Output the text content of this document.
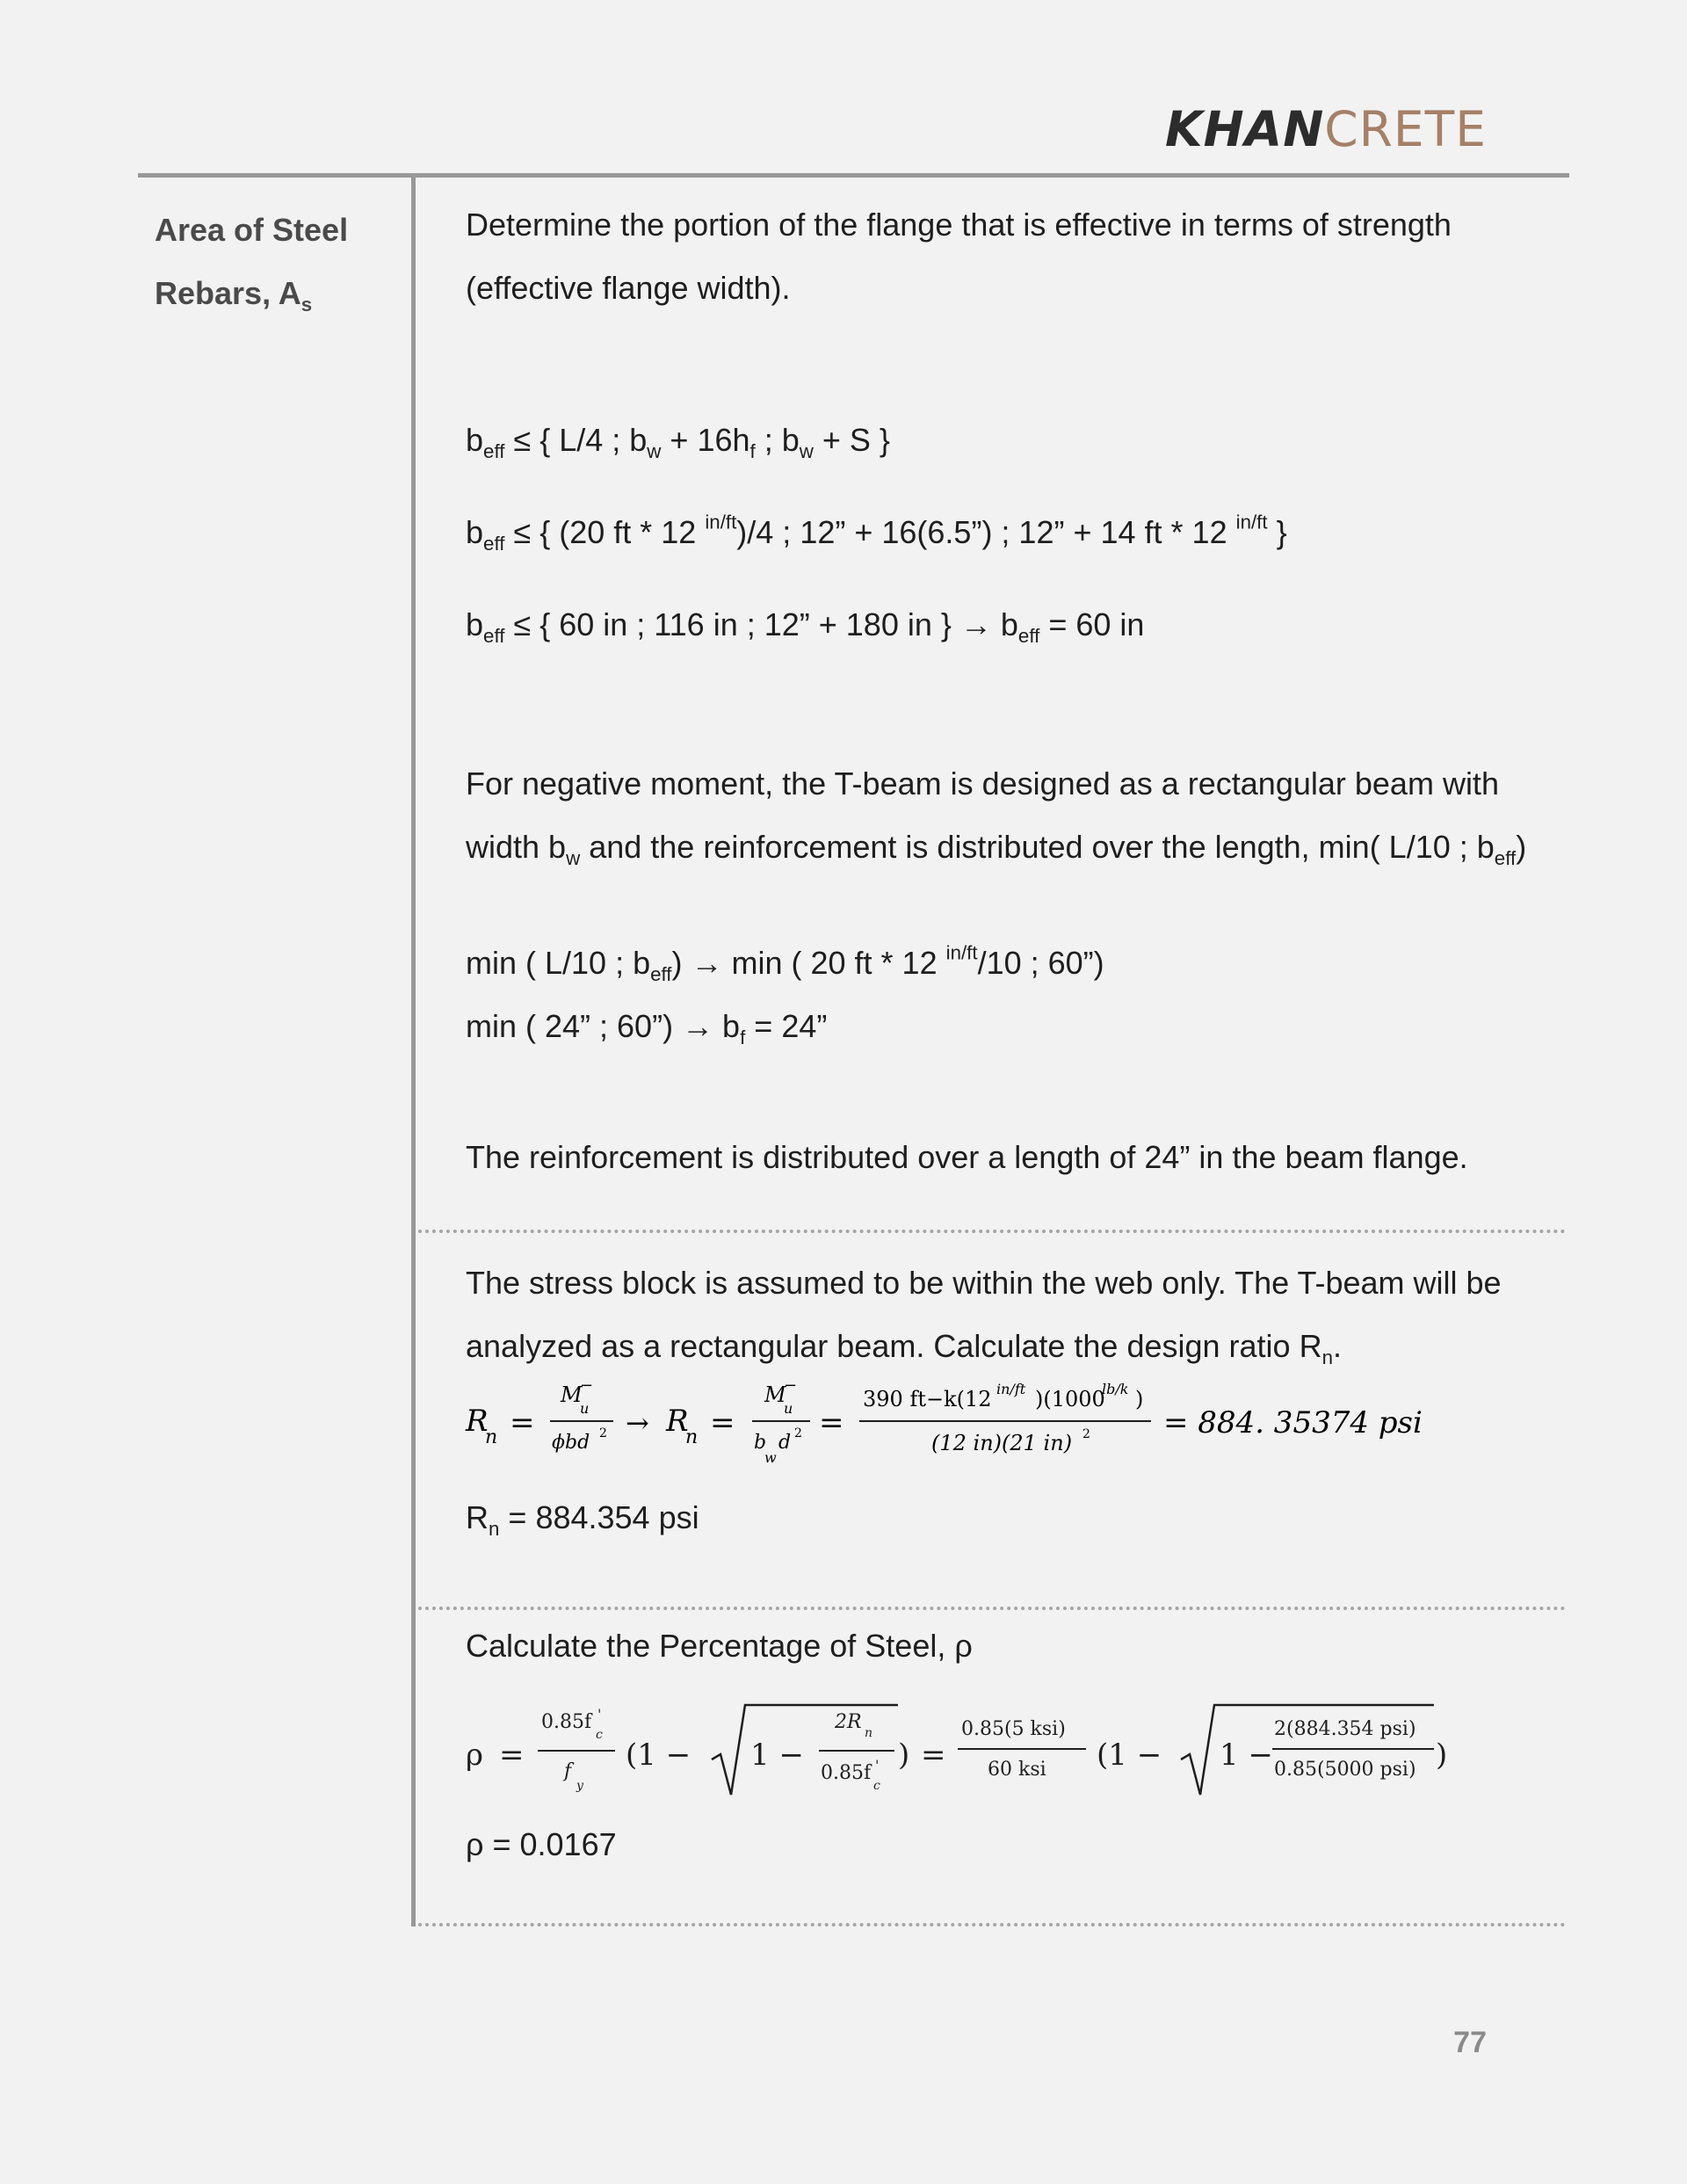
KHANCRETE
Area of Steel
Rebars, $A_s$
Determine the portion of the flange that is effective in terms of strength
(effective flange width).
$b_{eff}$ ≤ { L/4 ; $b_w + 16h_f$ ; $b_w + S$ }
$b_{eff}$ ≤ { (20 ft * 12 $^{in/ft}$)/4 ; 12” + 16(6.5”) ; 12” + 14 ft * 12 $^{in/ft}$ }
$b_{eff}$ ≤ { 60 in ; 116 in ; 12” + 180 in } → $b_{eff} = 60$ in
For negative moment, the T-beam is designed as a rectangular beam with
width $b_w$ and the reinforcement is distributed over the length, min( L/10 ; $b_{eff}$)
min ( L/10 ; $b_{eff}) \to \min$ ( 20 ft * 12 $^{in/ft}$/10 ; 60”)
min ( 24” ; 60”) → $b_f = 24$”
The reinforcement is distributed over a length of 24” in the beam flange.
The stress block is assumed to be within the web only. The T-beam will be
analyzed as a rectangular beam. Calculate the design ratio $R_n$.
R
n =
M
−
u
ϕbd 2 → R
n =
M
−
u
b
w
d 2 =
390 ft−k(12 in/ft )(1000
lb/k )
(12 in)(21 in) 2 = 884. 35374 psi
$R_n = 884.354$ psi
Calculate the Percentage of Steel, ρ
ρ =
0.85f '
c
f
y
(1 − 1 −
2R n
0.85f '
c
) =
0.85(5 ksi)
60 ksi (1 − 1 −
2(884.354 psi)
0.85(5000 psi) )
ρ = 0.0167
77
